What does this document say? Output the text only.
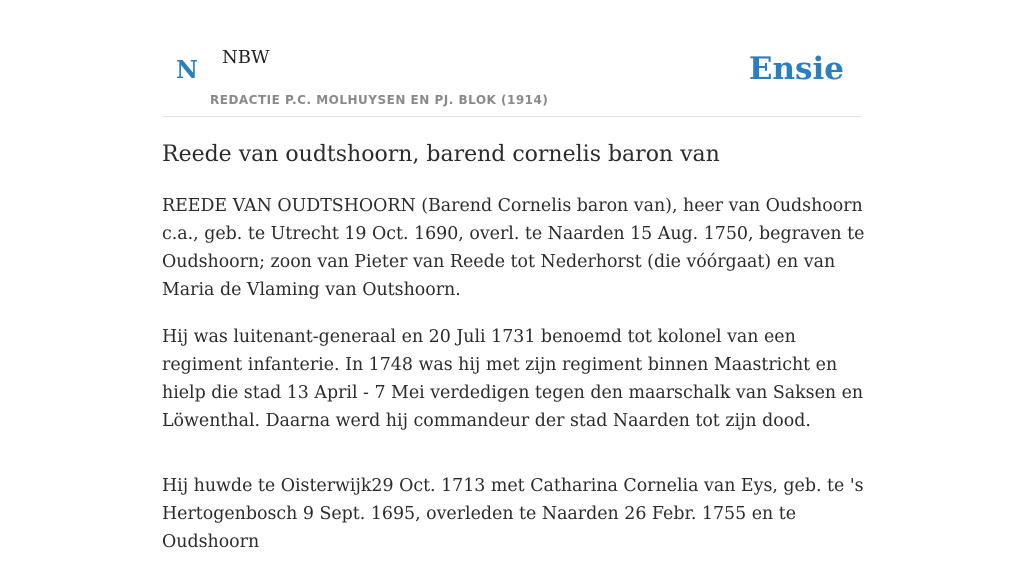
N NBW
REDACTIE P.C. MOLHUYSEN EN PJ. BLOK (1914)
Ensie
Reede van oudtshoorn, barend cornelis baron van

REEDE VAN OUDTSHOORN (Barend Cornelis baron van), heer van Oudshoorn c.a., geb. te Utrecht 19 Oct. 1690, overl. te Naarden 15 Aug. 1750, begraven te Oudshoorn; zoon van Pieter van Reede tot Nederhorst (die vóórgaat) en van Maria de Vlaming van Outshoorn.

Hij was luitenant-generaal en 20 Juli 1731 benoemd tot kolonel van een regiment infanterie. In 1748 was hij met zijn regiment binnen Maastricht en hielp die stad 13 April - 7 Mei verdedigen tegen den maarschalk van Saksen en Löwenthal. Daarna werd hij commandeur der stad Naarden tot zijn dood.

Hij huwde te Oisterwijk29 Oct. 1713 met Catharina Cornelia van Eys, geb. te 's Hertogenbosch 9 Sept. 1695, overleden te Naarden 26 Febr. 1755 en te Oudshoorn
